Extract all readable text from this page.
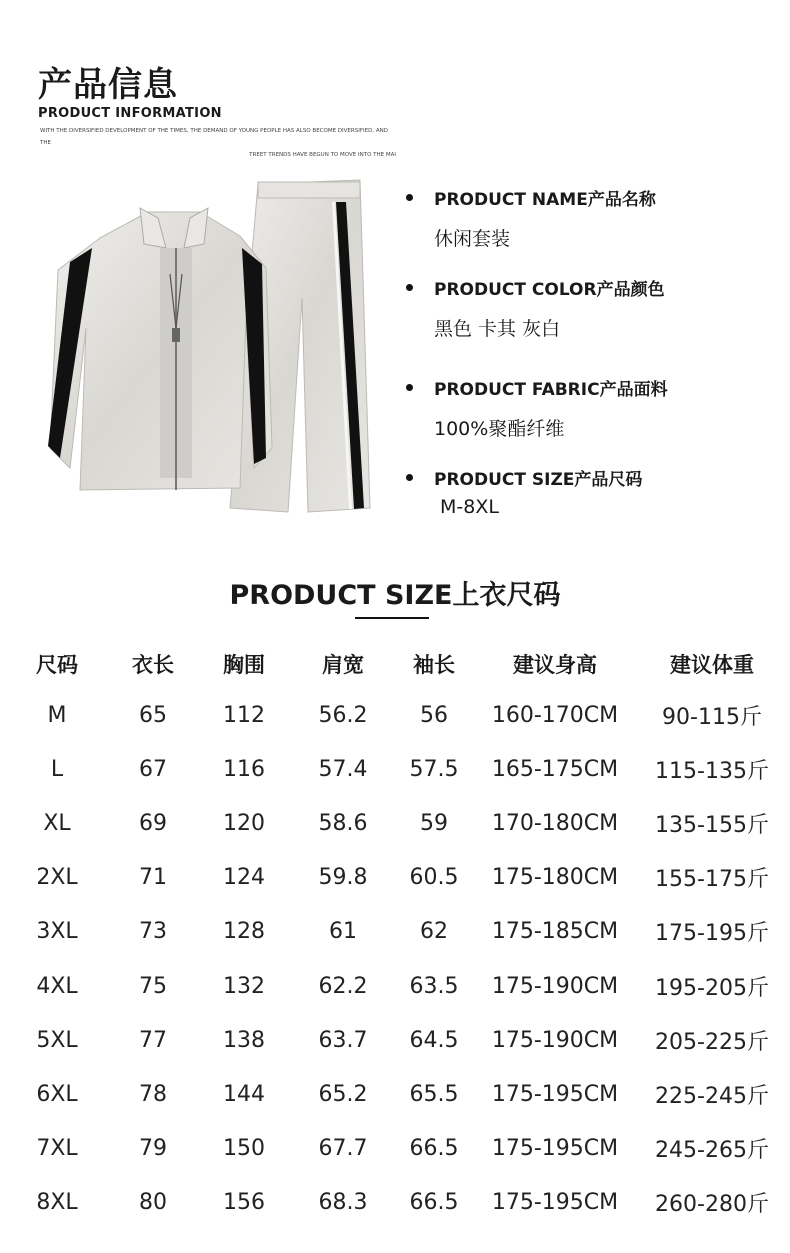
产品信息
PRODUCT INFORMATION
WITH THE DIVERSIFIED DEVELOPMENT OF THE TIMES, THE DEMAND OF YOUNG PEOPLE HAS ALSO BECOME DIVERSIFIED, AND THE
TREET TRENDS HAVE BEGUN TO MOVE INTO THE MAI
PRODUCT NAME产品名称
休闲套装
PRODUCT COLOR产品颜色
黑色 卡其 灰白
PRODUCT FABRIC产品面料
100%聚酯纤维
PRODUCT SIZE产品尺码
M-8XL
PRODUCT SIZE上衣尺码
尺码	衣长	胸围	肩宽	袖长	建议身高	建议体重
M	65	112	56.2	56	160-170CM	90-115斤
L	67	116	57.4	57.5	165-175CM	115-135斤
XL	69	120	58.6	59	170-180CM	135-155斤
2XL	71	124	59.8	60.5	175-180CM	155-175斤
3XL	73	128	61	62	175-185CM	175-195斤
4XL	75	132	62.2	63.5	175-190CM	195-205斤
5XL	77	138	63.7	64.5	175-190CM	205-225斤
6XL	78	144	65.2	65.5	175-195CM	225-245斤
7XL	79	150	67.7	66.5	175-195CM	245-265斤
8XL	80	156	68.3	66.5	175-195CM	260-280斤
